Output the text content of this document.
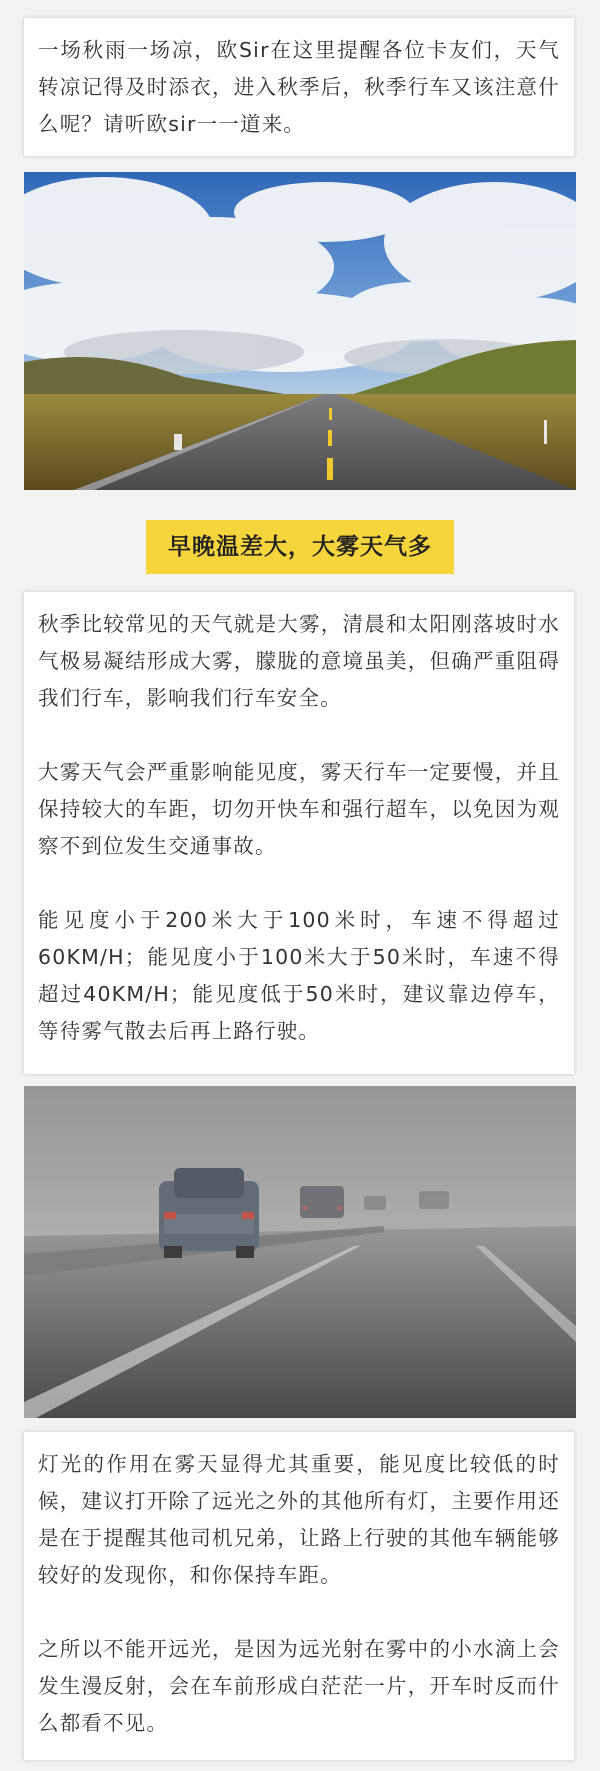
一场秋雨一场凉，欧Sir在这里提醒各位卡友们，天气转凉记得及时添衣，进入秋季后，秋季行车又该注意什么呢？请听欧sir一一道来。

早晚温差大，大雾天气多

秋季比较常见的天气就是大雾，清晨和太阳刚落坡时水气极易凝结形成大雾，朦胧的意境虽美，但确严重阻碍我们行车，影响我们行车安全。

大雾天气会严重影响能见度，雾天行车一定要慢，并且保持较大的车距，切勿开快车和强行超车，以免因为观察不到位发生交通事故。

能见度小于200米大于100米时，车速不得超过60KM/H；能见度小于100米大于50米时，车速不得超过40KM/H；能见度低于50米时，建议靠边停车，等待雾气散去后再上路行驶。

灯光的作用在雾天显得尤其重要，能见度比较低的时候，建议打开除了远光之外的其他所有灯，主要作用还是在于提醒其他司机兄弟，让路上行驶的其他车辆能够较好的发现你，和你保持车距。

之所以不能开远光，是因为远光射在雾中的小水滴上会发生漫反射，会在车前形成白茫茫一片，开车时反而什么都看不见。
